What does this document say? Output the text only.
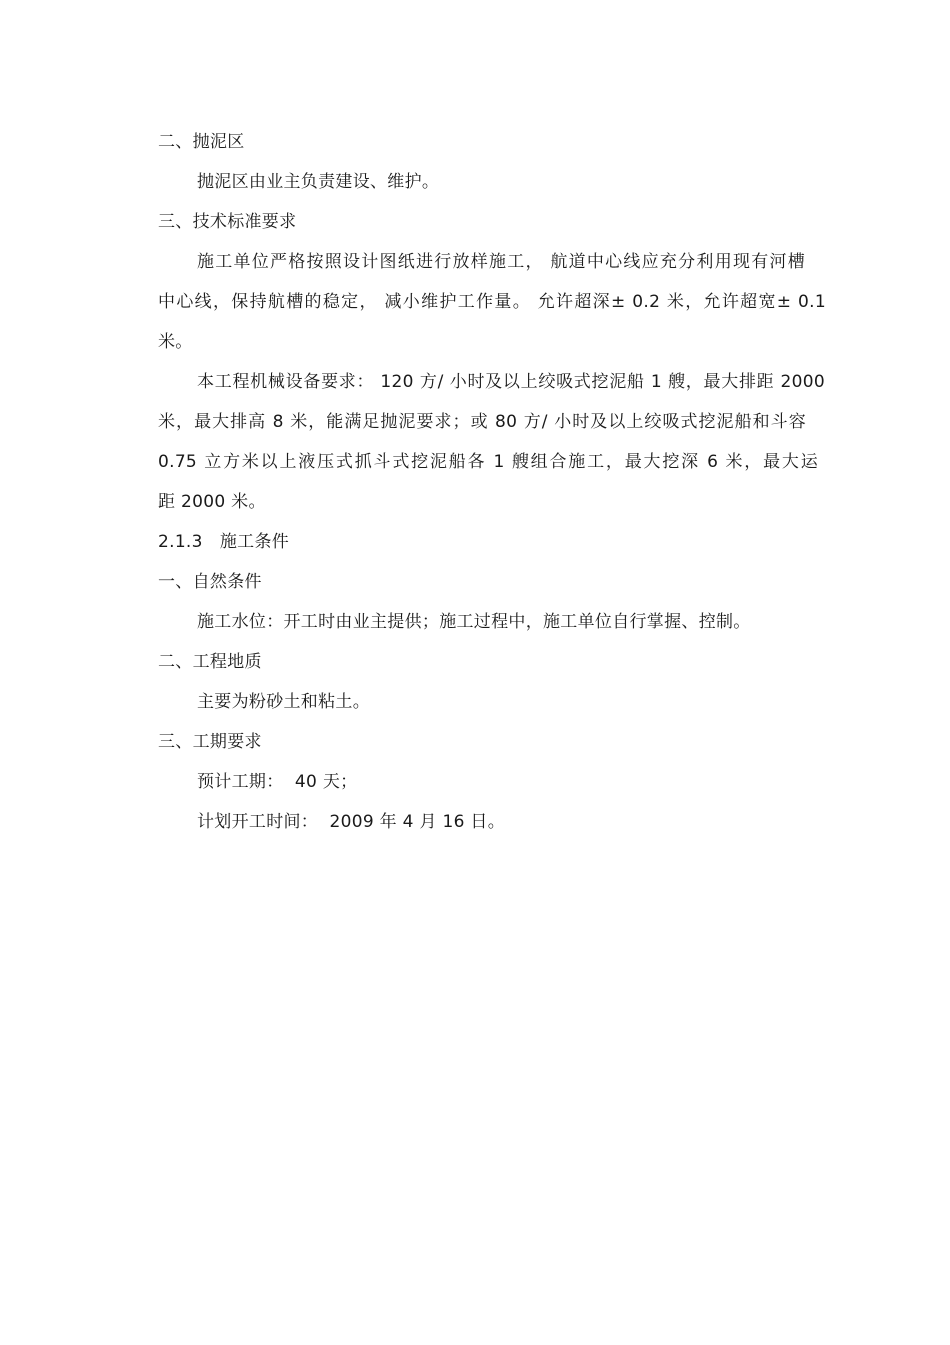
二、抛泥区
抛泥区由业主负责建设、维护。
三、技术标准要求
施工单位严格按照设计图纸进行放样施工， 航道中心线应充分利用现有河槽
中心线，保持航槽的稳定， 减小维护工作量。 允许超深± 0.2 米，允许超宽± 0.1
米。
本工程机械设备要求： 120 方/ 小时及以上绞吸式挖泥船 1 艘，最大排距 2000
米，最大排高 8 米，能满足抛泥要求；或 80 方/ 小时及以上绞吸式挖泥船和斗容
0.75 立方米以上液压式抓斗式挖泥船各 1 艘组合施工，最大挖深 6 米，最大运
距 2000 米。
2.1.3   施工条件
一、自然条件
施工水位：开工时由业主提供；施工过程中，施工单位自行掌握、控制。
二、工程地质
主要为粉砂土和粘土。
三、工期要求
预计工期：  40 天；
计划开工时间：  2009 年 4 月 16 日。
